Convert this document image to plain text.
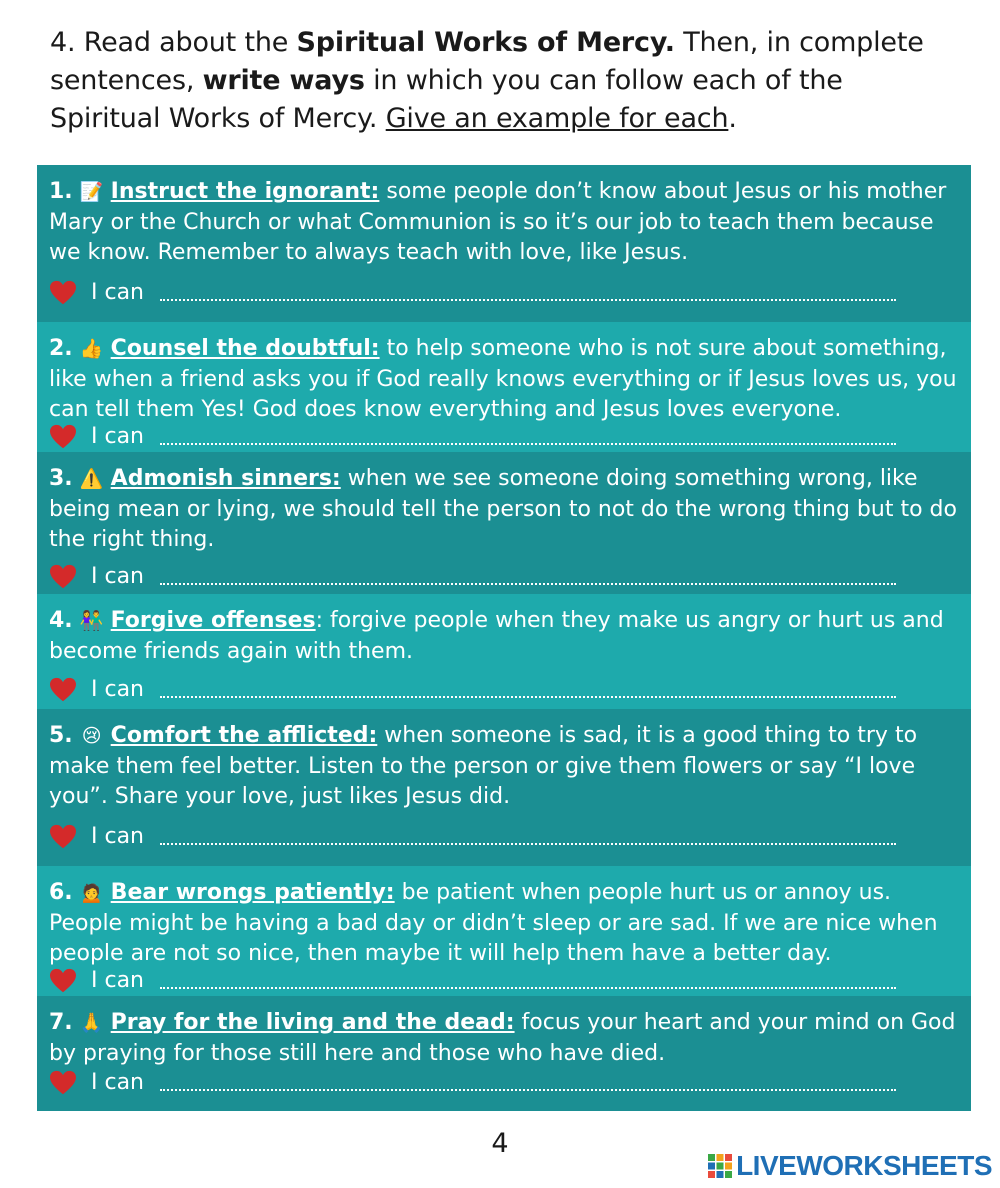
4. Read about the Spiritual Works of Mercy. Then, in complete sentences, write ways in which you can follow each of the Spiritual Works of Mercy. Give an example for each.
1. 📝 Instruct the ignorant: some people don’t know about Jesus or his mother Mary or the Church or what Communion is so it’s our job to teach them because we know. Remember to always teach with love, like Jesus.
I can
2. 👍 Counsel the doubtful: to help someone who is not sure about something, like when a friend asks you if God really knows everything or if Jesus loves us, you can tell them Yes! God does know everything and Jesus loves everyone.
I can
3. ⚠️ Admonish sinners: when we see someone doing something wrong, like being mean or lying, we should tell the person to not do the wrong thing but to do the right thing.
I can
4. 👫 Forgive offenses: forgive people when they make us angry or hurt us and become friends again with them.
I can
5. 😢 Comfort the afflicted: when someone is sad, it is a good thing to try to make them feel better. Listen to the person or give them flowers or say “I love you”. Share your love, just likes Jesus did.
I can
6. 🙍 Bear wrongs patiently: be patient when people hurt us or annoy us. People might be having a bad day or didn’t sleep or are sad. If we are nice when people are not so nice, then maybe it will help them have a better day.
I can
7. 🙏 Pray for the living and the dead: focus your heart and your mind on God by praying for those still here and those who have died.
I can
4
LIVEWORKSHEETS
